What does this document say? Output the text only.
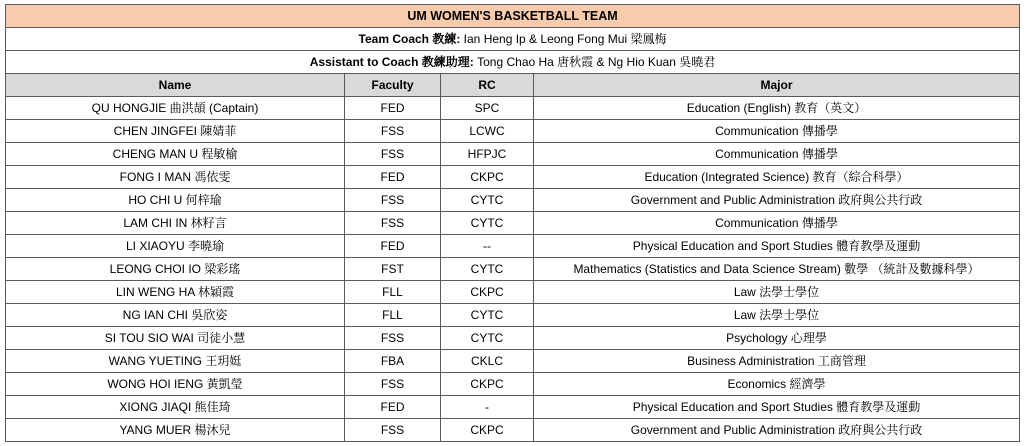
UM WOMEN'S BASKETBALL TEAM			
Team Coach 教練: Ian Heng Ip & Leong Fong Mui 梁鳳梅			
Assistant to Coach 教練助理: Tong Chao Ha 唐秋霞 & Ng Hio Kuan 吳曉君			
Name	Faculty	RC	Major
QU HONGJIE 曲洪頡 (Captain)	FED	SPC	Education (English) 教育（英文）
CHEN JINGFEI 陳婧菲	FSS	LCWC	Communication 傳播學
CHENG MAN U 程敏榆	FSS	HFPJC	Communication 傳播學
FONG I MAN 馮依雯	FED	CKPC	Education (Integrated Science) 教育（綜合科學）
HO CHI U 何梓瑜	FSS	CYTC	Government and Public Administration 政府與公共行政
LAM CHI IN 林籽言	FSS	CYTC	Communication 傳播學
LI XIAOYU 李曉瑜	FED	--	Physical Education and Sport Studies 體育教學及運動
LEONG CHOI IO 梁彩瑤	FST	CYTC	Mathematics (Statistics and Data Science Stream) 數學 （統計及數據科學）
LIN WENG HA 林穎霞	FLL	CKPC	Law 法學士學位
NG IAN CHI 吳欣姿	FLL	CYTC	Law 法學士學位
SI TOU SIO WAI 司徒小慧	FSS	CYTC	Psychology 心理學
WANG YUETING 王玥娗	FBA	CKLC	Business Administration 工商管理
WONG HOI IENG 黃凱瑩	FSS	CKPC	Economics 經濟學
XIONG JIAQI 熊佳琦	FED	-	Physical Education and Sport Studies 體育教學及運動
YANG MUER 楊沐兒	FSS	CKPC	Government and Public Administration 政府與公共行政
